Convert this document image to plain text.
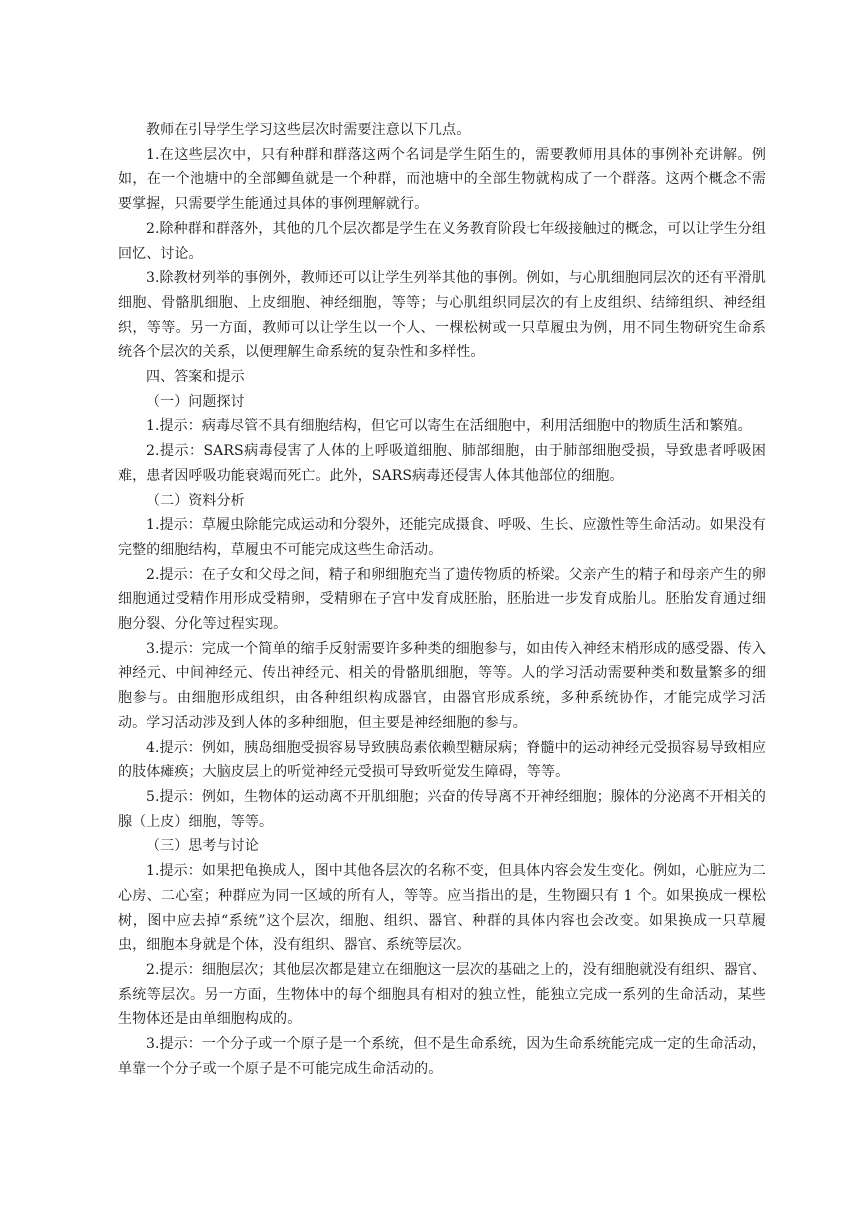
教师在引导学生学习这些层次时需要注意以下几点。

1.在这些层次中，只有种群和群落这两个名词是学生陌生的，需要教师用具体的事例补充讲解。例如，在一个池塘中的全部鲫鱼就是一个种群，而池塘中的全部生物就构成了一个群落。这两个概念不需要掌握，只需要学生能通过具体的事例理解就行。

2.除种群和群落外，其他的几个层次都是学生在义务教育阶段七年级接触过的概念，可以让学生分组回忆、讨论。

3.除教材列举的事例外，教师还可以让学生列举其他的事例。例如，与心肌细胞同层次的还有平滑肌细胞、骨骼肌细胞、上皮细胞、神经细胞，等等；与心肌组织同层次的有上皮组织、结缔组织、神经组织，等等。另一方面，教师可以让学生以一个人、一棵松树或一只草履虫为例，用不同生物研究生命系统各个层次的关系，以便理解生命系统的复杂性和多样性。

四、答案和提示

（一）问题探讨

1.提示：病毒尽管不具有细胞结构，但它可以寄生在活细胞中，利用活细胞中的物质生活和繁殖。

2.提示：SARS病毒侵害了人体的上呼吸道细胞、肺部细胞，由于肺部细胞受损，导致患者呼吸困难，患者因呼吸功能衰竭而死亡。此外，SARS病毒还侵害人体其他部位的细胞。

（二）资料分析

1.提示：草履虫除能完成运动和分裂外，还能完成摄食、呼吸、生长、应激性等生命活动。如果没有完整的细胞结构，草履虫不可能完成这些生命活动。

2.提示：在子女和父母之间，精子和卵细胞充当了遗传物质的桥梁。父亲产生的精子和母亲产生的卵细胞通过受精作用形成受精卵，受精卵在子宫中发育成胚胎，胚胎进一步发育成胎儿。胚胎发育通过细胞分裂、分化等过程实现。

3.提示：完成一个简单的缩手反射需要许多种类的细胞参与，如由传入神经末梢形成的感受器、传入神经元、中间神经元、传出神经元、相关的骨骼肌细胞，等等。人的学习活动需要种类和数量繁多的细胞参与。由细胞形成组织，由各种组织构成器官，由器官形成系统，多种系统协作，才能完成学习活动。学习活动涉及到人体的多种细胞，但主要是神经细胞的参与。

4.提示：例如，胰岛细胞受损容易导致胰岛素依赖型糖尿病；脊髓中的运动神经元受损容易导致相应的肢体瘫痪；大脑皮层上的听觉神经元受损可导致听觉发生障碍，等等。

5.提示：例如，生物体的运动离不开肌细胞；兴奋的传导离不开神经细胞；腺体的分泌离不开相关的腺（上皮）细胞，等等。

（三）思考与讨论

1.提示：如果把龟换成人，图中其他各层次的名称不变，但具体内容会发生变化。例如，心脏应为二心房、二心室；种群应为同一区域的所有人，等等。应当指出的是，生物圈只有 1 个。如果换成一棵松树，图中应去掉“系统”这个层次，细胞、组织、器官、种群的具体内容也会改变。如果换成一只草履虫，细胞本身就是个体，没有组织、器官、系统等层次。

2.提示：细胞层次；其他层次都是建立在细胞这一层次的基础之上的，没有细胞就没有组织、器官、系统等层次。另一方面，生物体中的每个细胞具有相对的独立性，能独立完成一系列的生命活动，某些生物体还是由单细胞构成的。

3.提示：一个分子或一个原子是一个系统，但不是生命系统，因为生命系统能完成一定的生命活动，单靠一个分子或一个原子是不可能完成生命活动的。
